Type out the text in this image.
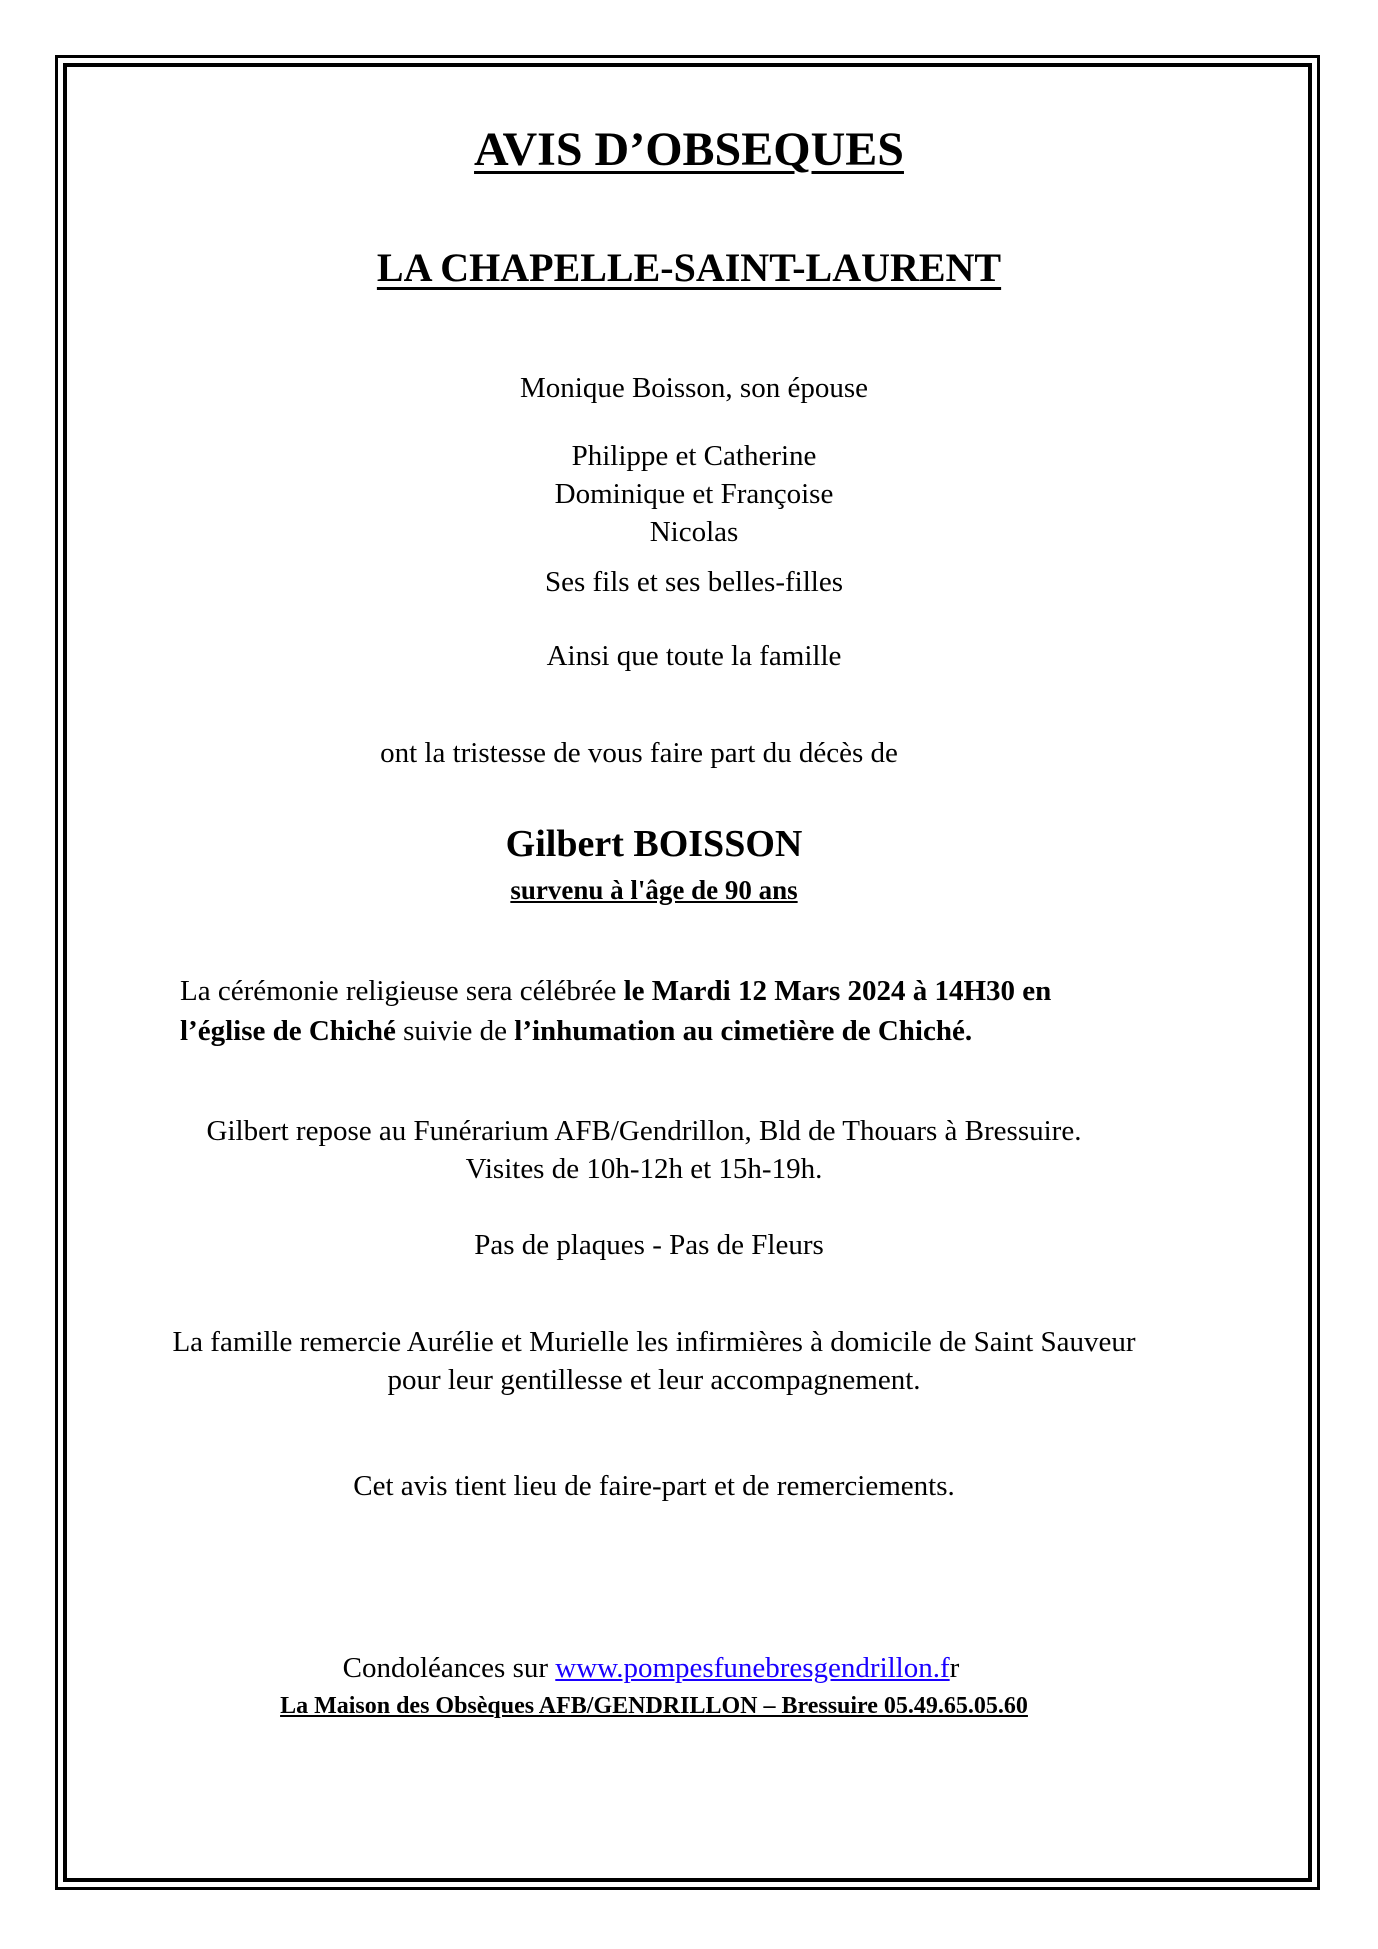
AVIS D’OBSEQUES
LA CHAPELLE-SAINT-LAURENT
Monique Boisson, son épouse
Philippe et Catherine
Dominique et Françoise
Nicolas
Ses fils et ses belles-filles
Ainsi que toute la famille
ont la tristesse de vous faire part du décès de
Gilbert BOISSON
survenu à l'âge de 90 ans
La cérémonie religieuse sera célébrée le Mardi 12 Mars 2024 à 14H30 en
l’église de Chiché suivie de l’inhumation au cimetière de Chiché.
Gilbert repose au Funérarium AFB/Gendrillon, Bld de Thouars à Bressuire.
Visites de 10h-12h et 15h-19h.
Pas de plaques - Pas de Fleurs
La famille remercie Aurélie et Murielle les infirmières à domicile de Saint Sauveur
pour leur gentillesse et leur accompagnement.
Cet avis tient lieu de faire-part et de remerciements.
Condoléances sur www.pompesfunebresgendrillon.fr
La Maison des Obsèques AFB/GENDRILLON – Bressuire 05.49.65.05.60
